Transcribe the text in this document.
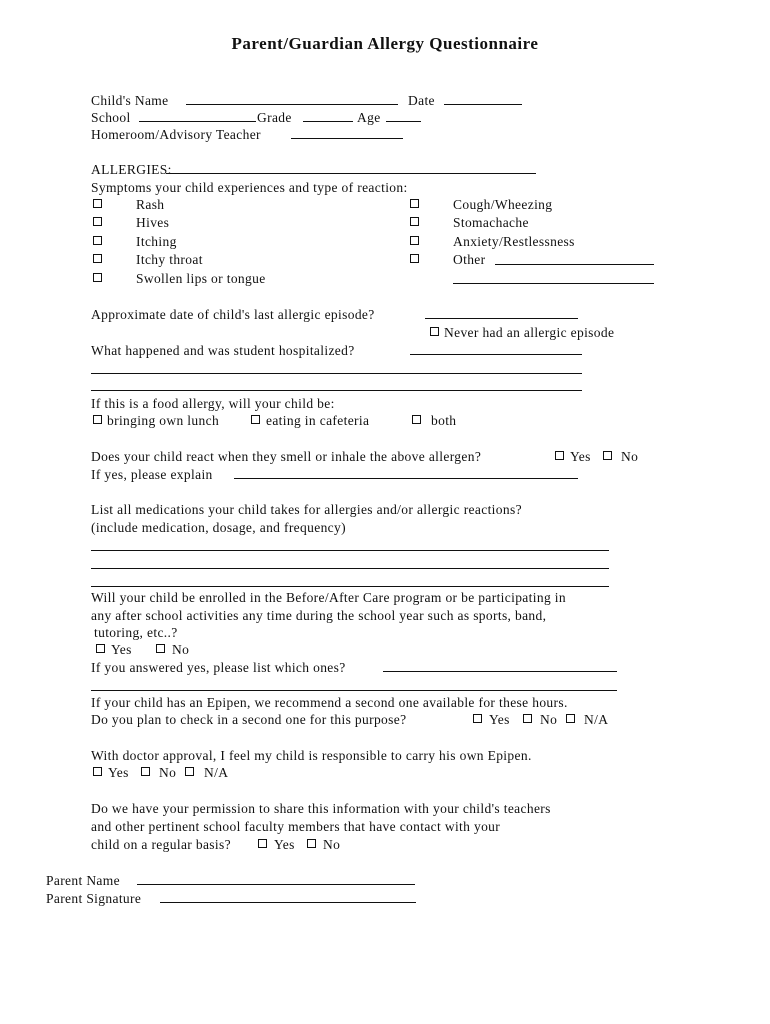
Parent/Guardian Allergy Questionnaire
Child's Name	Date
School	Grade	Age
Homeroom/Advisory Teacher
ALLERGIES:
Symptoms your child experiences and type of reaction:
Rash
Hives
Itching
Itchy throat
Swollen lips or tongue
Cough/Wheezing
Stomachache
Anxiety/Restlessness
Other
Approximate date of child's last allergic episode?
Never had an allergic episode
What happened and was student hospitalized?
If this is a food allergy, will your child be:
bringing own lunch	eating in cafeteria	both
Does your child react when they smell or inhale the above allergen?	Yes No
If yes, please explain
List all medications your child takes for allergies and/or allergic reactions?
(include medication, dosage, and frequency)
Will your child be enrolled in the Before/After Care program or be participating in
any after school activities any time during the school year such as sports, band,
tutoring, etc..?
Yes	No
If you answered yes, please list which ones?
If your child has an Epipen, we recommend a second one available for these hours.
Do you plan to check in a second one for this purpose?	Yes No N/A
With doctor approval, I feel my child is responsible to carry his own Epipen.
Yes No N/A
Do we have your permission to share this information with your child's teachers
and other pertinent school faculty members that have contact with your
child on a regular basis?	Yes No
Parent Name
Parent Signature
